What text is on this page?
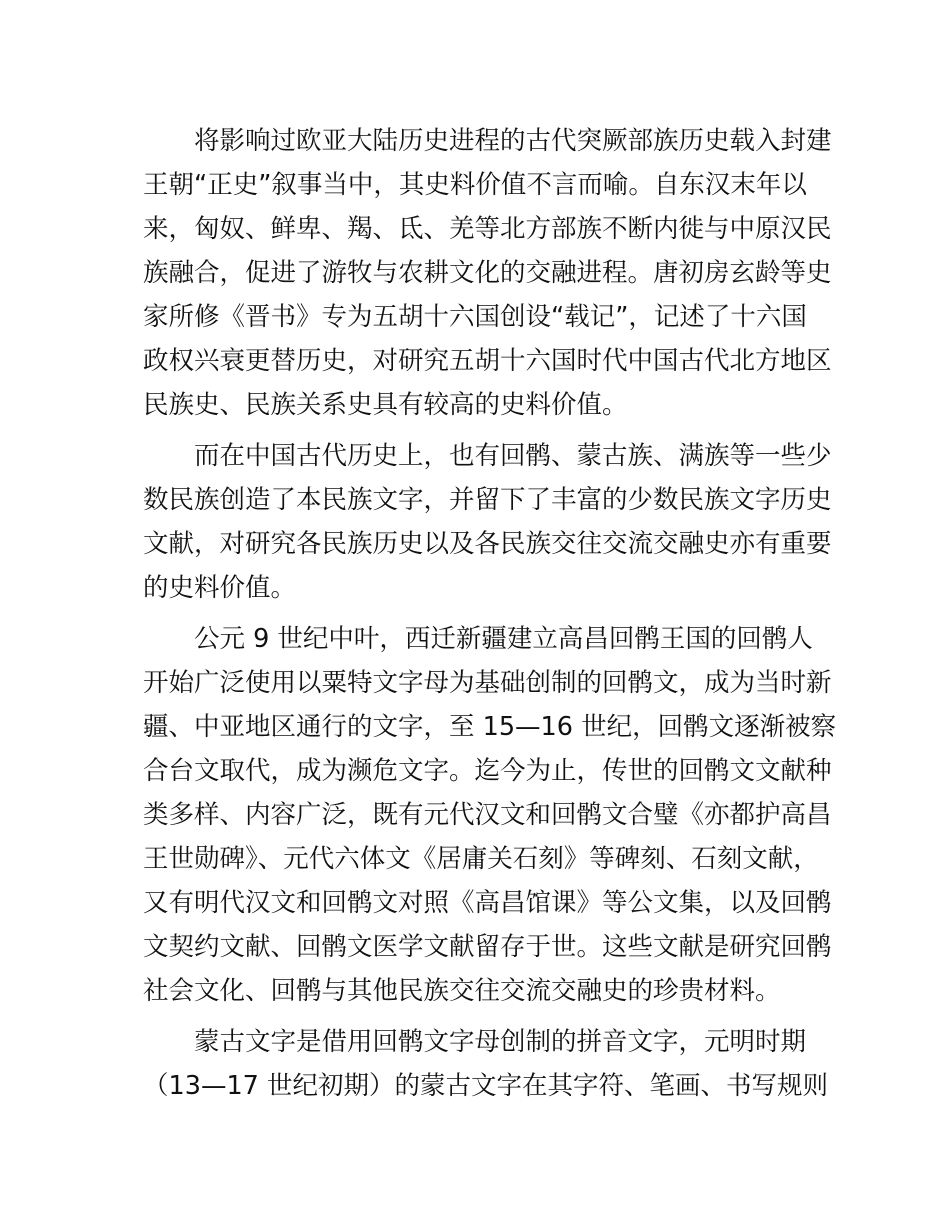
将影响过欧亚大陆历史进程的古代突厥部族历史载入封建
王朝“正史”叙事当中，其史料价值不言而喻。自东汉末年以
来，匈奴、鲜卑、羯、氐、羌等北方部族不断内徙与中原汉民
族融合，促进了游牧与农耕文化的交融进程。唐初房玄龄等史
家所修《晋书》专为五胡十六国创设“载记”，记述了十六国
政权兴衰更替历史，对研究五胡十六国时代中国古代北方地区
民族史、民族关系史具有较高的史料价值。
而在中国古代历史上，也有回鹘、蒙古族、满族等一些少
数民族创造了本民族文字，并留下了丰富的少数民族文字历史
文献，对研究各民族历史以及各民族交往交流交融史亦有重要
的史料价值。
公元 9 世纪中叶，西迁新疆建立高昌回鹘王国的回鹘人
开始广泛使用以粟特文字母为基础创制的回鹘文，成为当时新
疆、中亚地区通行的文字，至 15—16 世纪，回鹘文逐渐被察
合台文取代，成为濒危文字。迄今为止，传世的回鹘文文献种
类多样、内容广泛，既有元代汉文和回鹘文合璧《亦都护高昌
王世勋碑》、元代六体文《居庸关石刻》等碑刻、石刻文献，
又有明代汉文和回鹘文对照《高昌馆课》等公文集，以及回鹘
文契约文献、回鹘文医学文献留存于世。这些文献是研究回鹘
社会文化、回鹘与其他民族交往交流交融史的珍贵材料。
蒙古文字是借用回鹘文字母创制的拼音文字，元明时期
（13—17 世纪初期）的蒙古文字在其字符、笔画、书写规则
